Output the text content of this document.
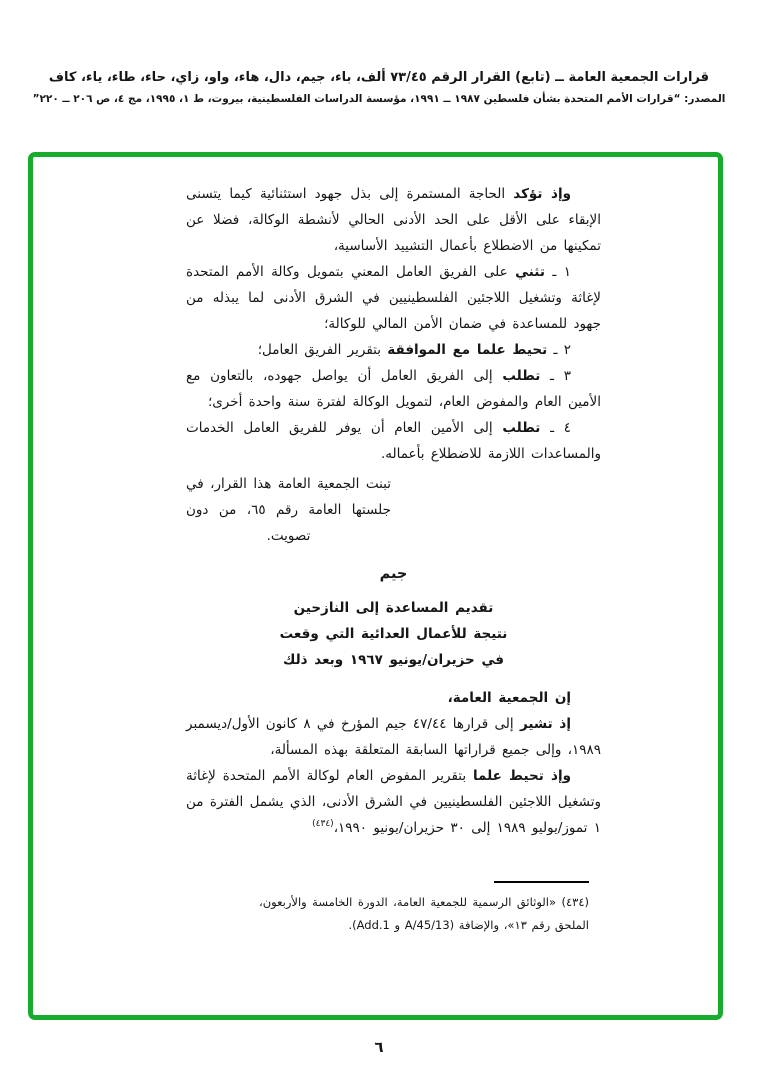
قرارات الجمعية العامة ــ (تابع) القرار الرقم ٧٣/٤٥ ألف، باء، جيم، دال، هاء، واو، زاي، حاء، طاء، ياء، كاف
المصدر: “قرارات الأمم المتحدة بشأن فلسطين ١٩٨٧ ــ ١٩٩١، مؤسسة الدراسات الفلسطينية، بيروت، ط ١، ١٩٩٥، مج ٤، ص ٢٠٦ ــ ٢٢٠”

وإذ تؤكد الحاجة المستمرة إلى بذل جهود استثنائية كيما يتسنى الإبقاء على الأقل على الحد الأدنى الحالي لأنشطة الوكالة، فضلا عن تمكينها من الاضطلاع بأعمال التشييد الأساسية،

١ ـ تثني على الفريق العامل المعني بتمويل وكالة الأمم المتحدة لإغاثة وتشغيل اللاجئين الفلسطينيين في الشرق الأدنى لما يبذله من جهود للمساعدة في ضمان الأمن المالي للوكالة؛

٢ ـ تحيط علما مع الموافقة بتقرير الفريق العامل؛

٣ ـ تطلب إلى الفريق العامل أن يواصل جهوده، بالتعاون مع الأمين العام والمفوض العام، لتمويل الوكالة لفترة سنة واحدة أخرى؛

٤ ـ تطلب إلى الأمين العام أن يوفر للفريق العامل الخدمات والمساعدات اللازمة للاضطلاع بأعماله.

تبنت الجمعية العامة هذا القرار، في جلستها العامة رقم ٦٥، من دون تصويت.
جيم
تقديم المساعدة إلى النازحين
نتيجة للأعمال العدائية التي وقعت
في حزيران/يونيو ١٩٦٧ وبعد ذلك

إن الجمعية العامة،

إذ تشير إلى قرارها ٤٧/٤٤ جيم المؤرخ في ٨ كانون الأول/ديسمبر ١٩٨٩، وإلى جميع قراراتها السابقة المتعلقة بهذه المسألة،

وإذ تحيط علما بتقرير المفوض العام لوكالة الأمم المتحدة لإغاثة وتشغيل اللاجئين الفلسطينيين في الشرق الأدنى، الذي يشمل الفترة من ١ تموز/يوليو ١٩٨٩ إلى ٣٠ حزيران/يونيو ١٩٩٠،$^{(٤٣٤)}$

(٤٣٤) «الوثائق الرسمية للجمعية العامة، الدورة الخامسة والأربعون، الملحق رقم ١٣»، والإضافة (A/45/13 و Add.1).
٦
